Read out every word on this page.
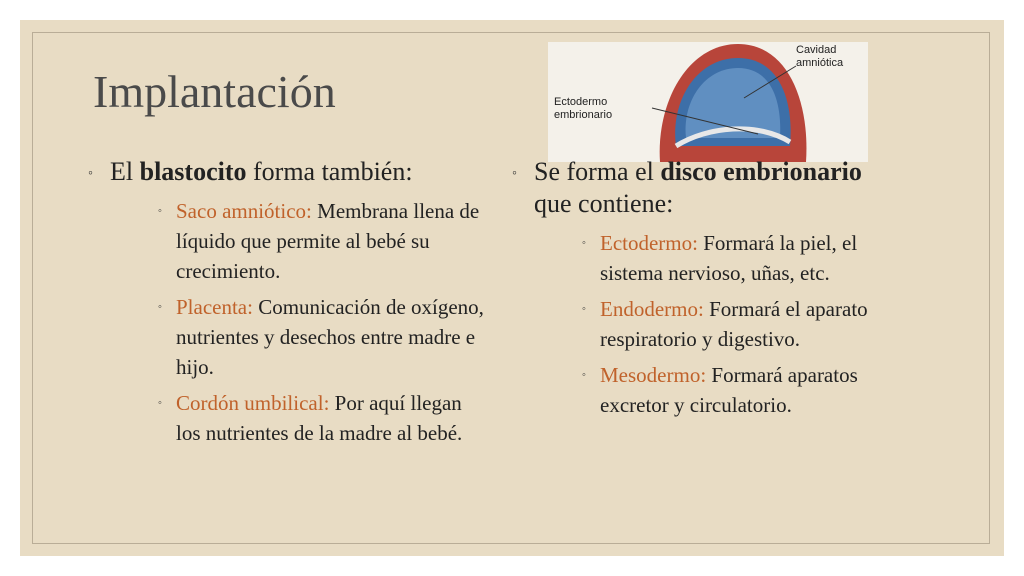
Implantación
Cavidad amniótica
Ectodermo embrionario
◦ El blastocito forma también:
◦ Saco amniótico: Membrana llena de líquido que permite al bebé su crecimiento.
◦ Placenta: Comunicación de oxígeno, nutrientes y desechos entre madre e hijo.
◦ Cordón umbilical: Por aquí llegan los nutrientes de la madre al bebé.
◦ Se forma el disco embrionario que contiene:
◦ Ectodermo: Formará la piel, el sistema nervioso, uñas, etc.
◦ Endodermo: Formará el aparato respiratorio y digestivo.
◦ Mesodermo: Formará aparatos excretor y circulatorio.
